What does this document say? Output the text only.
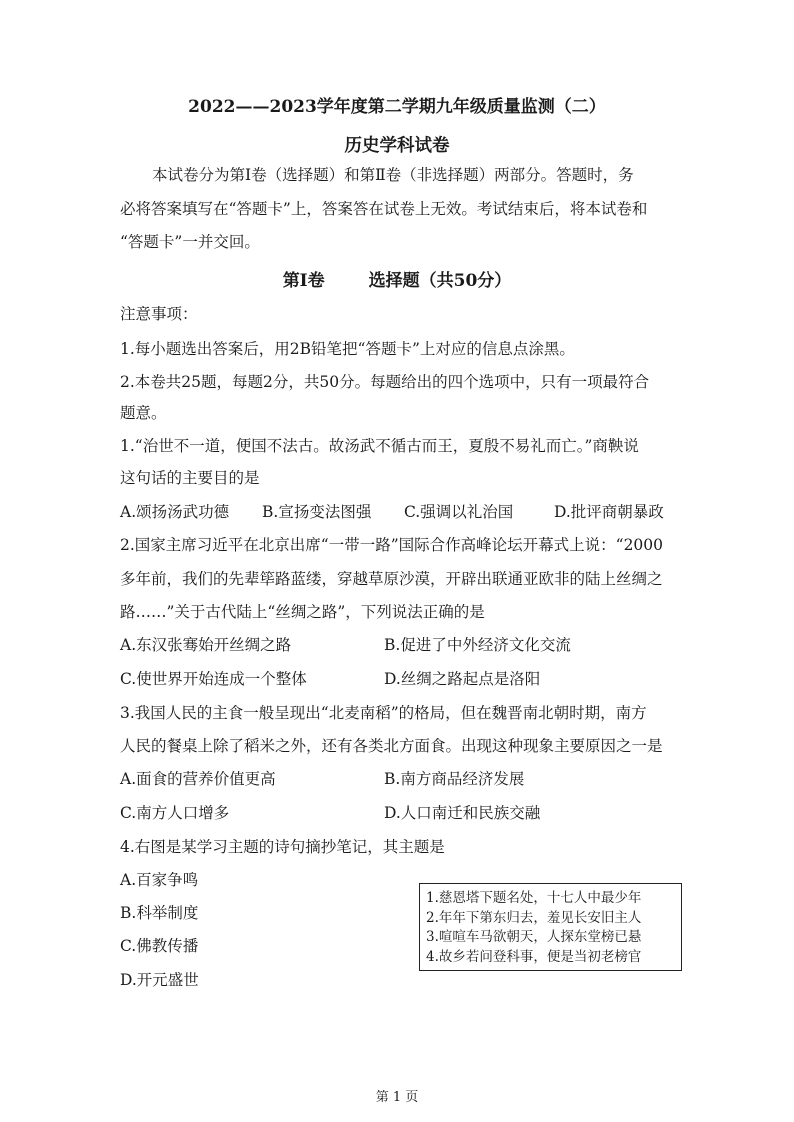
2022——2023学年度第二学期九年级质量监测（二）
历史学科试卷
本试卷分为第Ⅰ卷（选择题）和第Ⅱ卷（非选择题）两部分。答题时，务
必将答案填写在“答题卡”上，答案答在试卷上无效。考试结束后，将本试卷和
“答题卡”一并交回。
第Ⅰ卷	选择题（共50分）
注意事项：
1.每小题选出答案后，用2B铅笔把“答题卡”上对应的信息点涂黑。
2.本卷共25题，每题2分，共50分。每题给出的四个选项中，只有一项最符合
题意。
1.“治世不一道，便国不法古。故汤武不循古而王，夏殷不易礼而亡。”商鞅说
这句话的主要目的是
A.颂扬汤武功德	B.宣扬变法图强	C.强调以礼治国	D.批评商朝暴政
2.国家主席习近平在北京出席“一带一路”国际合作高峰论坛开幕式上说：“2000
多年前，我们的先辈筚路蓝缕，穿越草原沙漠，开辟出联通亚欧非的陆上丝绸之
路……”关于古代陆上“丝绸之路”，下列说法正确的是
A.东汉张骞始开丝绸之路	B.促进了中外经济文化交流
C.使世界开始连成一个整体	D.丝绸之路起点是洛阳
3.我国人民的主食一般呈现出“北麦南稻”的格局，但在魏晋南北朝时期，南方
人民的餐桌上除了稻米之外，还有各类北方面食。出现这种现象主要原因之一是
A.面食的营养价值更高	B.南方商品经济发展
C.南方人口增多	D.人口南迁和民族交融
4.右图是某学习主题的诗句摘抄笔记，其主题是
A.百家争鸣
B.科举制度
C.佛教传播
D.开元盛世
1.慈恩塔下题名处，十七人中最少年
2.年年下第东归去，羞见长安旧主人
3.喧喧车马欲朝天，人探东堂榜已悬
4.故乡若问登科事，便是当初老榜官
第 1 页
